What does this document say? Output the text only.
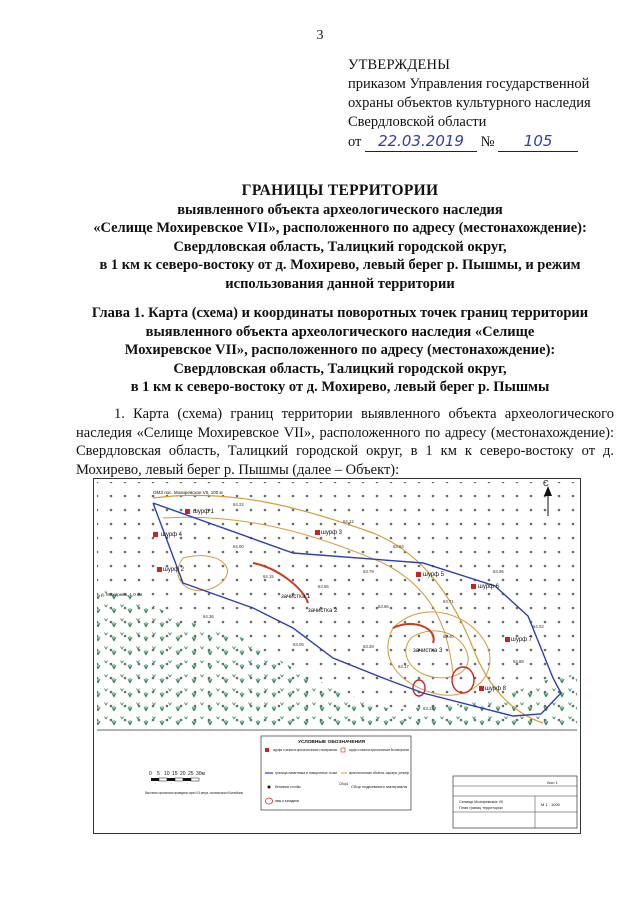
3
УТВЕРЖДЕНЫ
приказом Управления государственной
охраны объектов культурного наследия
Свердловской области
от 22.03.2019 № 105
ГРАНИЦЫ ТЕРРИТОРИИ
выявленного объекта археологического наследия
«Селище Мохиревское VII», расположенного по адресу (местонахождение):
Свердловская область, Талицкий городской округ,
в 1 км к северо-востоку от д. Мохирево, левый берег р. Пышмы, и режим
использования данной территории
Глава 1. Карта (схема) и координаты поворотных точек границ территории
выявленного объекта археологического наследия «Селище
Мохиревское VII», расположенного по адресу (местонахождение):
Свердловская область, Талицкий городской округ,
в 1 км к северо-востоку от д. Мохирево, левый берег р. Пышмы
1. Карта (схема) границ территории выявленного объекта археологического наследия «Селище Мохиревское VII», расположенного по адресу (местонахождение): Свердловская область, Талицкий городской округ, в 1 км к северо-востоку от д. Мохирево, левый берег р. Пышмы (далее – Объект):
С
ОМЗ пос. Мохиревское VII, 100 м
д. Мохирево, 1,0 км
шурф 1
шурф 2
шурф 3
шурф 4
шурф 5
шурф 6
шурф 7
шурф 8
зачистка 1
зачистка 2
зачистка 3
64.22
64.12
63.84
64.00
63.79
63.55
64.15
63.71
63.96
63.66
64.02
63.28
63.17
63.40
63.88
64.36
63.12
63.05
0 5 10 15 20 25 30м
Высотные горизонтали проведены через 0.5 метра, система высот Балтийская
УСЛОВНЫЕ ОБОЗНАЧЕНИЯ
шурфы и зачистки археологические с материалом	шурфы и зачистки археологические без материалов
граница памятника и поворотные точки	археологические объекты, карьеры, рельеф
бетонные столбы
Сбор1
Сбор подъемного материала
ямы и западины
Лист 1
Селище Мохиревское VII
План границ территории
М 1 : 1000
